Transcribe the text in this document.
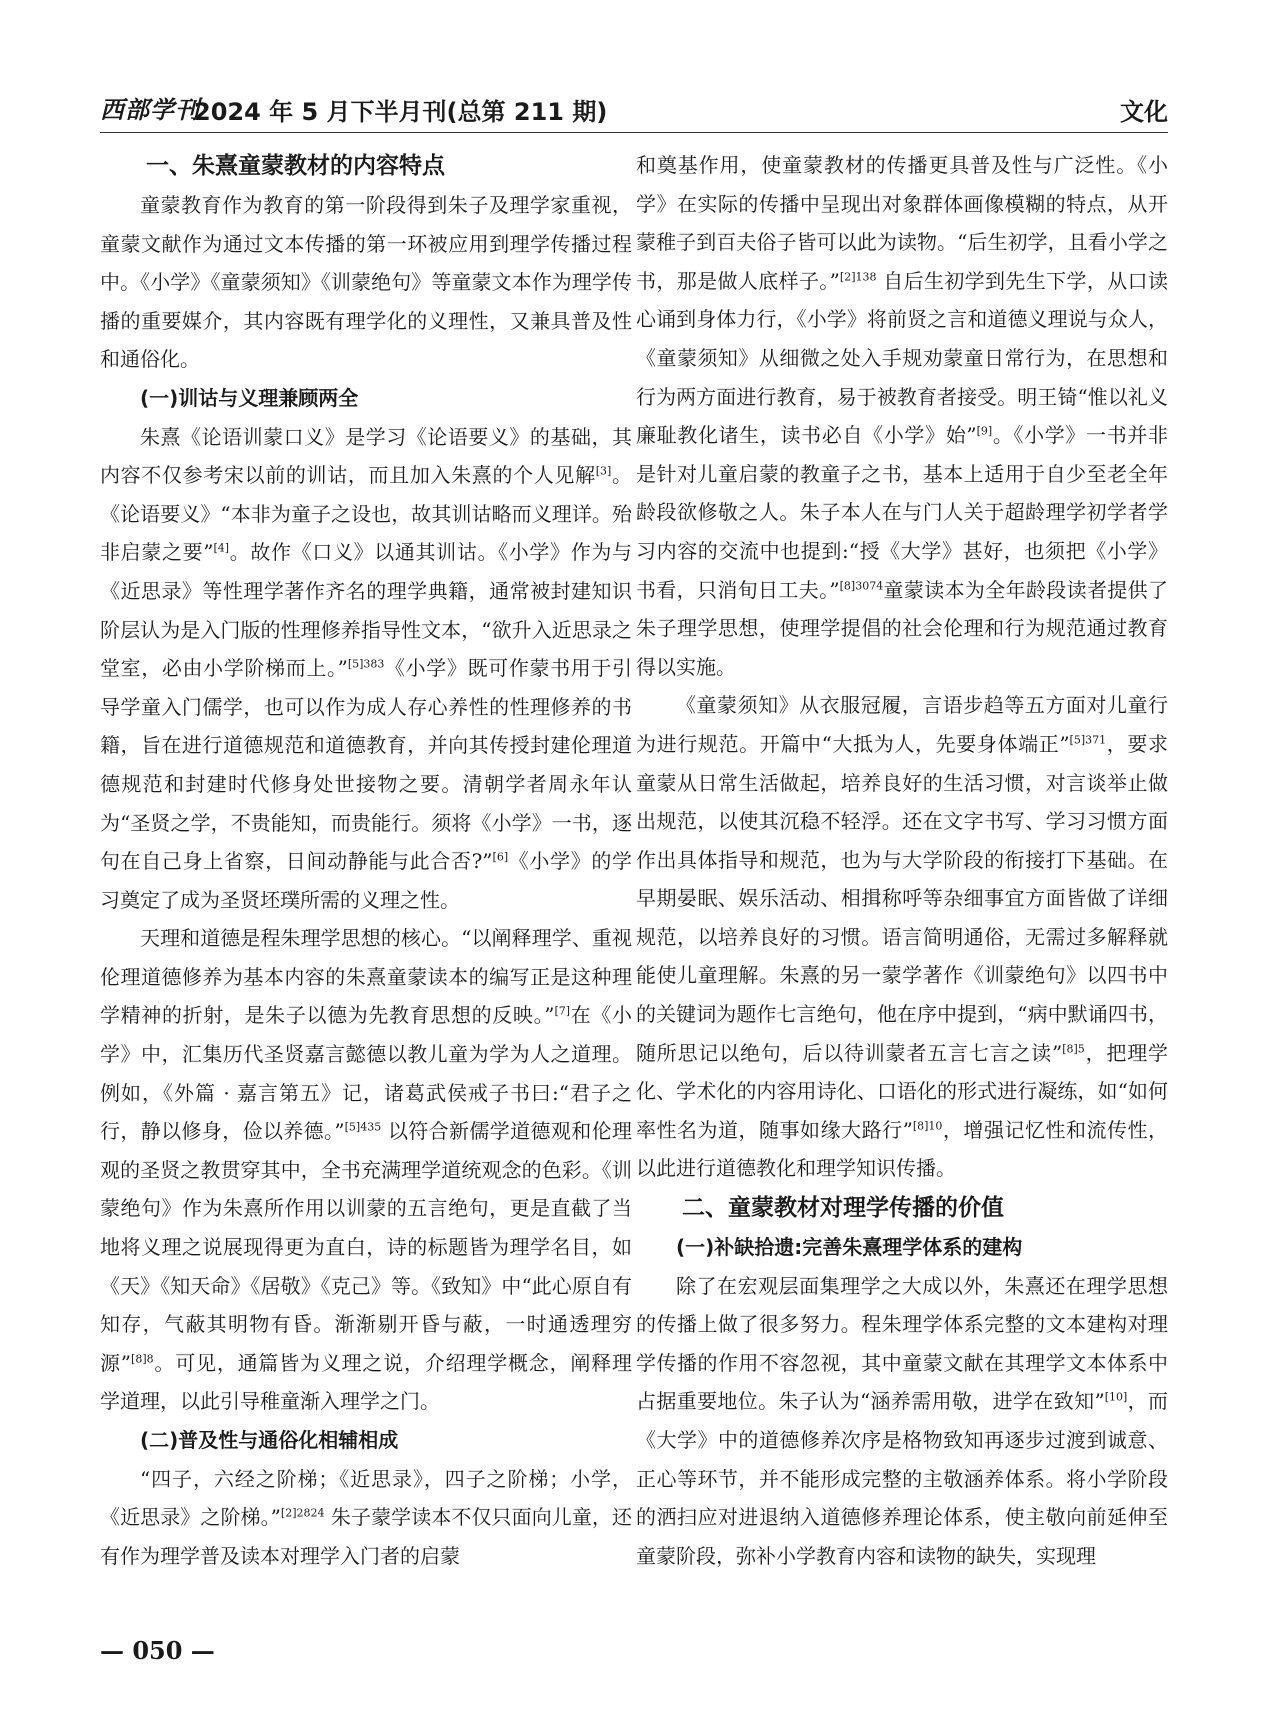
西部学刊
2024 年 5 月下半月刊(总第 211 期)	文化
一、朱熹童蒙教材的内容特点

童蒙教育作为教育的第一阶段得到朱子及理学家重视，童蒙文献作为通过文本传播的第一环被应用到理学传播过程中。《小学》《童蒙须知》《训蒙绝句》等童蒙文本作为理学传播的重要媒介，其内容既有理学化的义理性，又兼具普及性和通俗化。

(一)训诂与义理兼顾两全

朱熹《论语训蒙口义》是学习《论语要义》的基础，其内容不仅参考宋以前的训诂，而且加入朱熹的个人见解[3]。《论语要义》“本非为童子之设也，故其训诂略而义理详。殆非启蒙之要”[4]。故作《口义》以通其训诂。《小学》作为与《近思录》等性理学著作齐名的理学典籍，通常被封建知识阶层认为是入门版的性理修养指导性文本，“欲升入近思录之堂室，必由小学阶梯而上。”$^{[5]383}$《小学》既可作蒙书用于引导学童入门儒学，也可以作为成人存心养性的性理修养的书籍，旨在进行道德规范和道德教育，并向其传授封建伦理道德规范和封建时代修身处世接物之要。清朝学者周永年认为“圣贤之学，不贵能知，而贵能行。须将《小学》一书，逐句在自己身上省察，日间动静能与此合否?”[6]《小学》的学习奠定了成为圣贤坯璞所需的义理之性。

天理和道德是程朱理学思想的核心。“以阐释理学、重视伦理道德修养为基本内容的朱熹童蒙读本的编写正是这种理学精神的折射，是朱子以德为先教育思想的反映。”[7]在《小学》中，汇集历代圣贤嘉言懿德以教儿童为学为人之道理。例如，《外篇 · 嘉言第五》记，诸葛武侯戒子书曰:“君子之行，静以修身，俭以养德。”$^{[5]435}$ 以符合新儒学道德观和伦理观的圣贤之教贯穿其中，全书充满理学道统观念的色彩。《训蒙绝句》作为朱熹所作用以训蒙的五言绝句，更是直截了当地将义理之说展现得更为直白，诗的标题皆为理学名目，如《天》《知天命》《居敬》《克己》等。《致知》中“此心原自有知存，气蔽其明物有昏。渐渐剔开昏与蔽，一时通透理穷源”$^{[8]8}$。可见，通篇皆为义理之说，介绍理学概念，阐释理学道理，以此引导稚童渐入理学之门。

(二)普及性与通俗化相辅相成

“四子，六经之阶梯；《近思录》，四子之阶梯；小学，《近思录》之阶梯。”$^{[2]2824}$ 朱子蒙学读本不仅只面向儿童，还有作为理学普及读本对理学入门者的启蒙

和奠基作用，使童蒙教材的传播更具普及性与广泛性。《小学》在实际的传播中呈现出对象群体画像模糊的特点，从开蒙稚子到百夫俗子皆可以此为读物。“后生初学，且看小学之书，那是做人底样子。”$^{[2]138}$ 自后生初学到先生下学，从口读心诵到身体力行，《小学》将前贤之言和道德义理说与众人，《童蒙须知》从细微之处入手规劝蒙童日常行为，在思想和行为两方面进行教育，易于被教育者接受。明王锜“惟以礼义廉耻教化诸生，读书必自《小学》始”[9]。《小学》一书并非是针对儿童启蒙的教童子之书，基本上适用于自少至老全年龄段欲修敬之人。朱子本人在与门人关于超龄理学初学者学习内容的交流中也提到:“授《大学》甚好，也须把《小学》书看，只消旬日工夫。”$^{[8]3074}$童蒙读本为全年龄段读者提供了朱子理学思想，使理学提倡的社会伦理和行为规范通过教育得以实施。

《童蒙须知》从衣服冠履，言语步趋等五方面对儿童行为进行规范。开篇中“大抵为人，先要身体端正”$^{[5]371}$，要求童蒙从日常生活做起，培养良好的生活习惯，对言谈举止做出规范，以使其沉稳不轻浮。还在文字书写、学习习惯方面作出具体指导和规范，也为与大学阶段的衔接打下基础。在早期晏眠、娱乐活动、相揖称呼等杂细事宜方面皆做了详细规范，以培养良好的习惯。语言简明通俗，无需过多解释就能使儿童理解。朱熹的另一蒙学著作《训蒙绝句》以四书中的关键词为题作七言绝句，他在序中提到，“病中默诵四书，随所思记以绝句，后以待训蒙者五言七言之读”$^{[8]5}$，把理学化、学术化的内容用诗化、口语化的形式进行凝练，如“如何率性名为道，随事如缘大路行”$^{[8]10}$，增强记忆性和流传性，以此进行道德教化和理学知识传播。

二、童蒙教材对理学传播的价值
(一)补缺拾遗:完善朱熹理学体系的建构

除了在宏观层面集理学之大成以外，朱熹还在理学思想的传播上做了很多努力。程朱理学体系完整的文本建构对理学传播的作用不容忽视，其中童蒙文献在其理学文本体系中占据重要地位。朱子认为“涵养需用敬，进学在致知”[10]，而《大学》中的道德修养次序是格物致知再逐步过渡到诚意、正心等环节，并不能形成完整的主敬涵养体系。将小学阶段的洒扫应对进退纳入道德修养理论体系，使主敬向前延伸至童蒙阶段，弥补小学教育内容和读物的缺失，实现理

— 050 —
